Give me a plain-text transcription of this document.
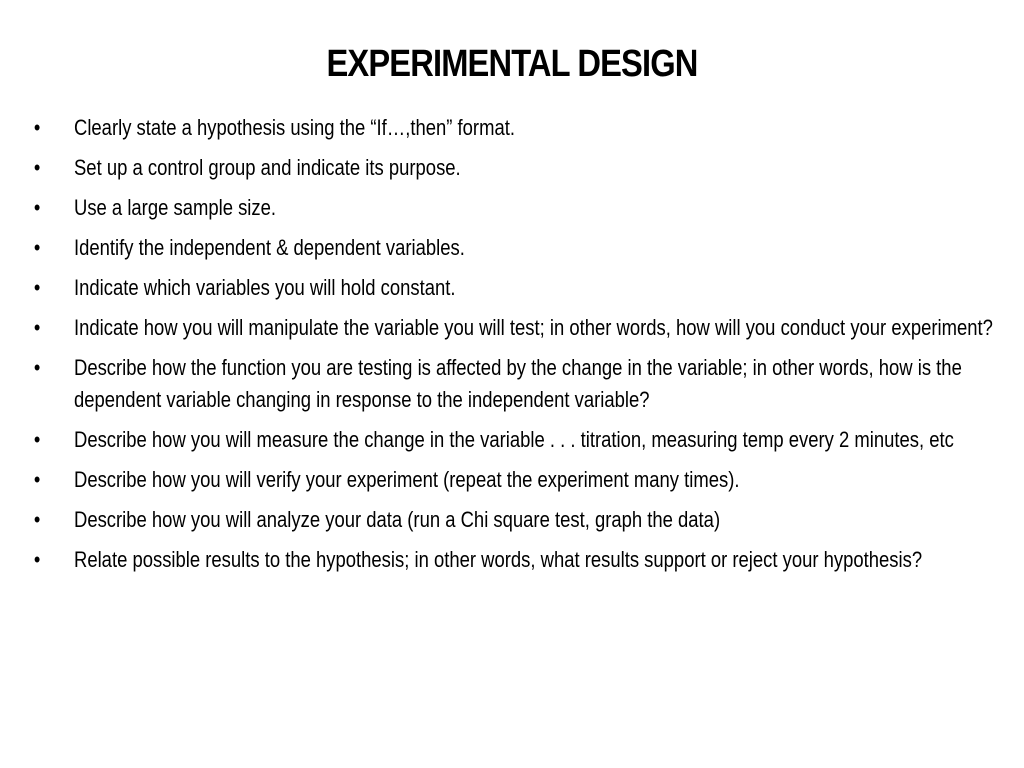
EXPERIMENTAL DESIGN
• Clearly state a hypothesis using the “If…,then” format.
• Set up a control group and indicate its purpose.
• Use a large sample size.
• Identify the independent & dependent variables.
• Indicate which variables you will hold constant.
• Indicate how you will manipulate the variable you will test; in other words, how will you conduct your experiment?
• Describe how the function you are testing is affected by the change in the variable; in other words, how is the dependent variable changing in response to the independent variable?
• Describe how you will measure the change in the variable . . . titration, measuring temp every 2 minutes, etc
• Describe how you will verify your experiment (repeat the experiment many times).
• Describe how you will analyze your data (run a Chi square test, graph the data)
• Relate possible results to the hypothesis; in other words, what results support or reject your hypothesis?
